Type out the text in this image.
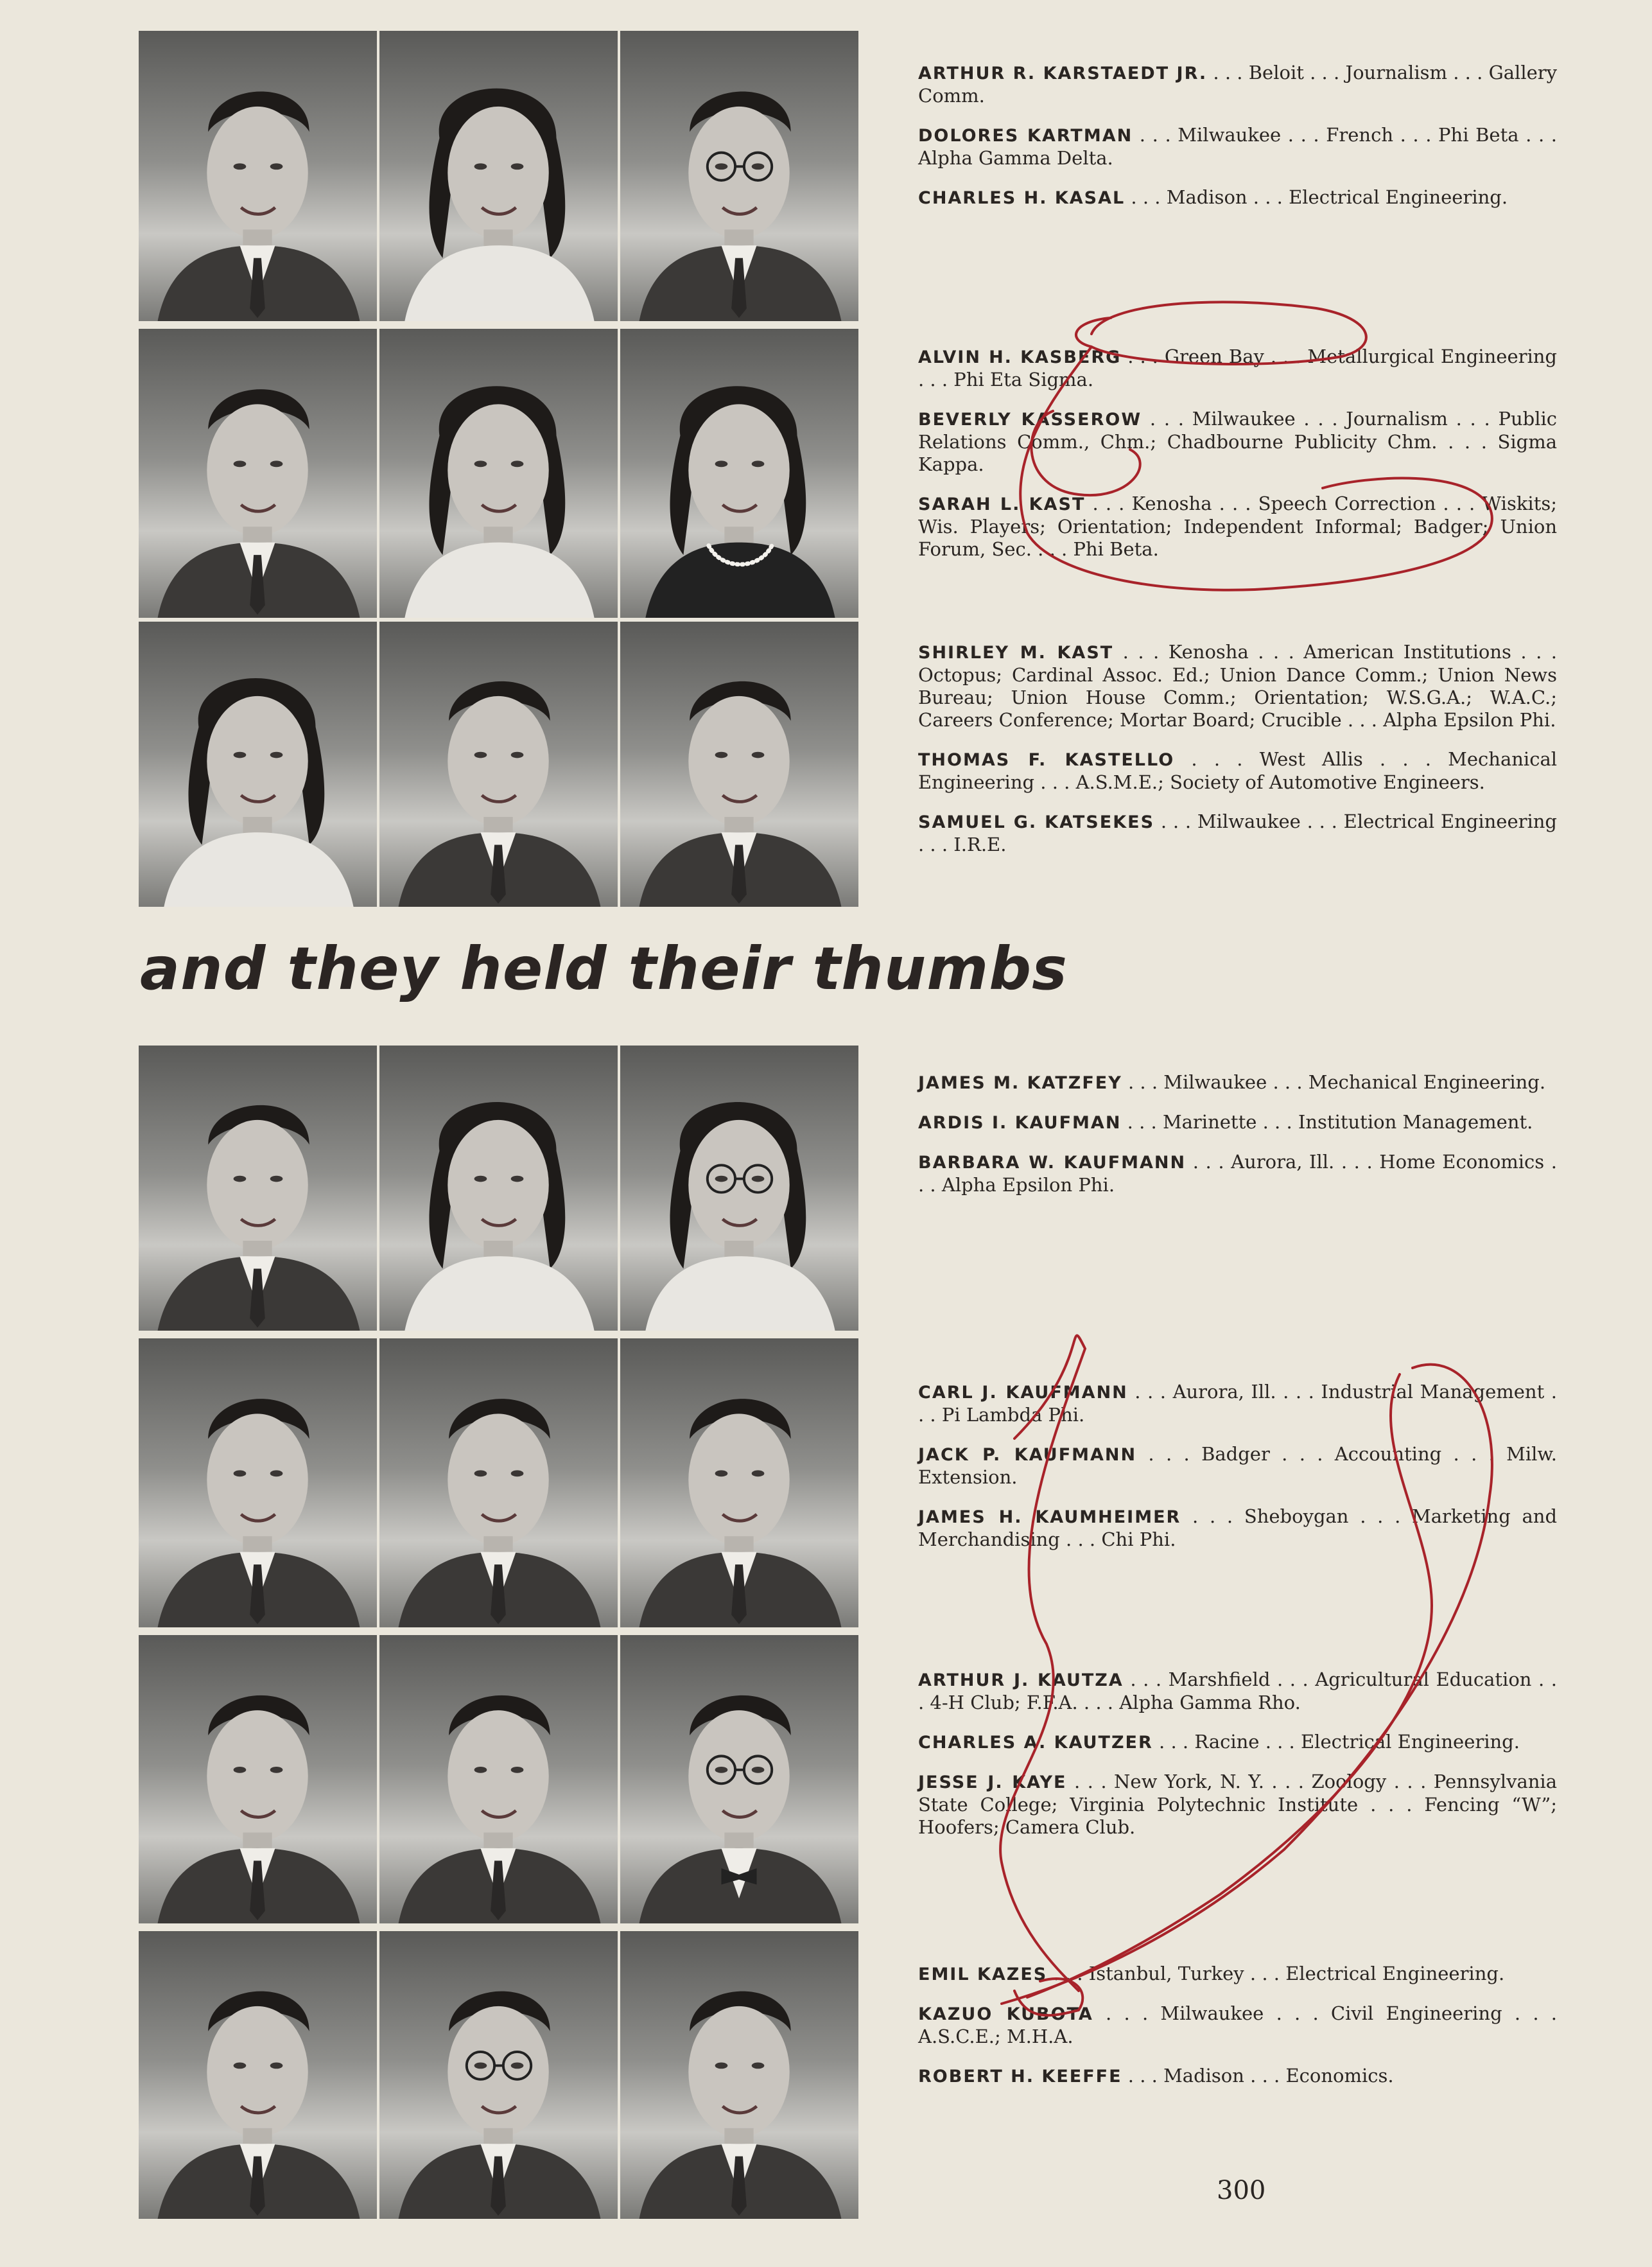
ARTHUR R. KARSTAEDT JR. . . . Beloit . . . Journalism . . . Gallery Comm.
DOLORES KARTMAN . . . Milwaukee . . . French . . . Phi Beta . . . Alpha Gamma Delta.
CHARLES H. KASAL . . . Madison . . . Electrical Engineering.
ALVIN H. KASBERG . . . Green Bay . . . Metallurgical Engineering . . . Phi Eta Sigma.
BEVERLY KASSEROW . . . Milwaukee . . . Journalism . . . Public Relations Comm., Chm.; Chadbourne Publicity Chm. . . . Sigma Kappa.
SARAH L. KAST . . . Kenosha . . . Speech Correction . . . Wiskits; Wis. Players; Orientation; Independent Informal; Badger; Union Forum, Sec. . . . Phi Beta.
SHIRLEY M. KAST . . . Kenosha . . . American Institutions . . . Octopus; Cardinal Assoc. Ed.; Union Dance Comm.; Union News Bureau; Union House Comm.; Orientation; W.S.G.A.; W.A.C.; Careers Conference; Mortar Board; Crucible . . . Alpha Epsilon Phi.
THOMAS F. KASTELLO . . . West Allis . . . Mechanical Engineering . . . A.S.M.E.; Society of Automotive Engineers.
SAMUEL G. KATSEKES . . . Milwaukee . . . Electrical Engineering . . . I.R.E.
JAMES M. KATZFEY . . . Milwaukee . . . Mechanical Engineering.
ARDIS I. KAUFMAN . . . Marinette . . . Institution Management.
BARBARA W. KAUFMANN . . . Aurora, Ill. . . . Home Economics . . . Alpha Epsilon Phi.
CARL J. KAUFMANN . . . Aurora, Ill. . . . Industrial Management . . . Pi Lambda Phi.
JACK P. KAUFMANN . . . Badger . . . Accounting . . . Milw. Extension.
JAMES H. KAUMHEIMER . . . Sheboygan . . . Marketing and Merchandising . . . Chi Phi.
ARTHUR J. KAUTZA . . . Marshfield . . . Agricultural Education . . . 4-H Club; F.F.A. . . . Alpha Gamma Rho.
CHARLES A. KAUTZER . . . Racine . . . Electrical Engineering.
JESSE J. KAYE . . . New York, N. Y. . . . Zoology . . . Pennsylvania State College; Virginia Polytechnic Institute . . . Fencing “W”; Hoofers; Camera Club.
EMIL KAZES . . . Istanbul, Turkey . . . Electrical Engineering.
KAZUO KUBOTA . . . Milwaukee . . . Civil Engineering . . . A.S.C.E.; M.H.A.
ROBERT H. KEEFFE . . . Madison . . . Economics.
and they held their thumbs
300
